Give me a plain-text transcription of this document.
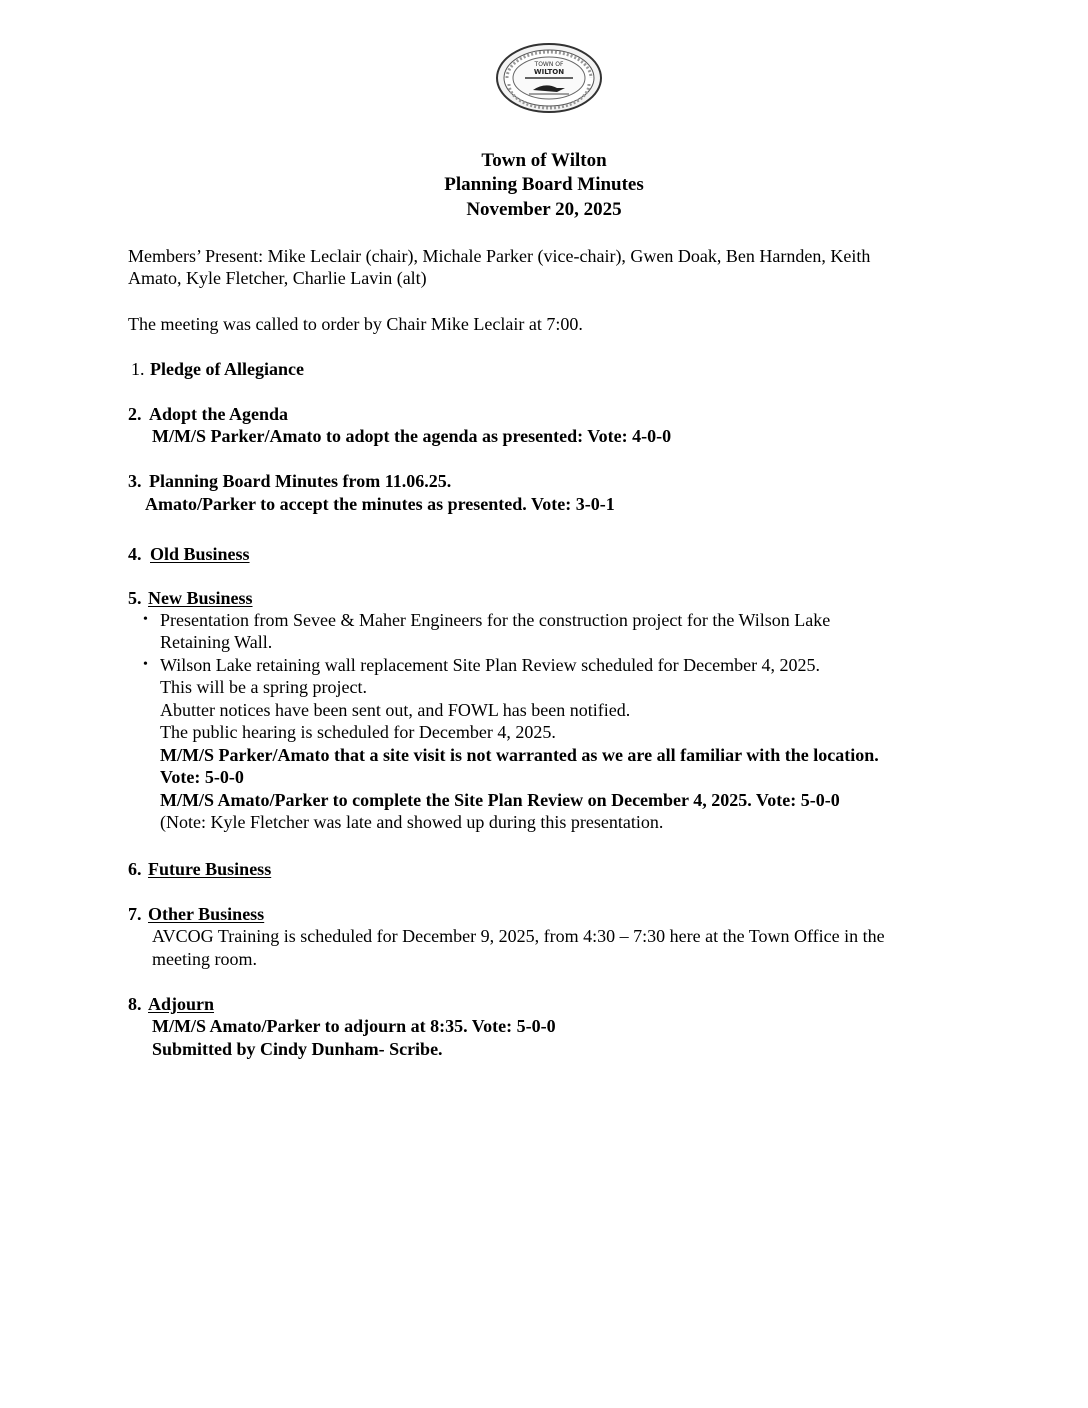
TOWN OF
WILTON
Town of Wilton
Planning Board Minutes
November 20, 2025
Members’ Present: Mike Leclair (chair), Michale Parker (vice-chair), Gwen Doak, Ben Harnden, Keith
Amato, Kyle Fletcher, Charlie Lavin (alt)
The meeting was called to order by Chair Mike Leclair at 7:00.
1. Pledge of Allegiance
2. Adopt the Agenda
M/M/S Parker/Amato to adopt the agenda as presented: Vote: 4-0-0
3. Planning Board Minutes from 11.06.25.
Amato/Parker to accept the minutes as presented. Vote: 3-0-1
4. Old Business
5. New Business
• Presentation from Sevee & Maher Engineers for the construction project for the Wilson Lake
Retaining Wall.
• Wilson Lake retaining wall replacement Site Plan Review scheduled for December 4, 2025.
This will be a spring project.
Abutter notices have been sent out, and FOWL has been notified.
The public hearing is scheduled for December 4, 2025.
M/M/S Parker/Amato that a site visit is not warranted as we are all familiar with the location.
Vote: 5-0-0
M/M/S Amato/Parker to complete the Site Plan Review on December 4, 2025. Vote: 5-0-0
(Note: Kyle Fletcher was late and showed up during this presentation.
6. Future Business
7. Other Business
AVCOG Training is scheduled for December 9, 2025, from 4:30 – 7:30 here at the Town Office in the
meeting room.
8. Adjourn
M/M/S Amato/Parker to adjourn at 8:35. Vote: 5-0-0
Submitted by Cindy Dunham- Scribe.
